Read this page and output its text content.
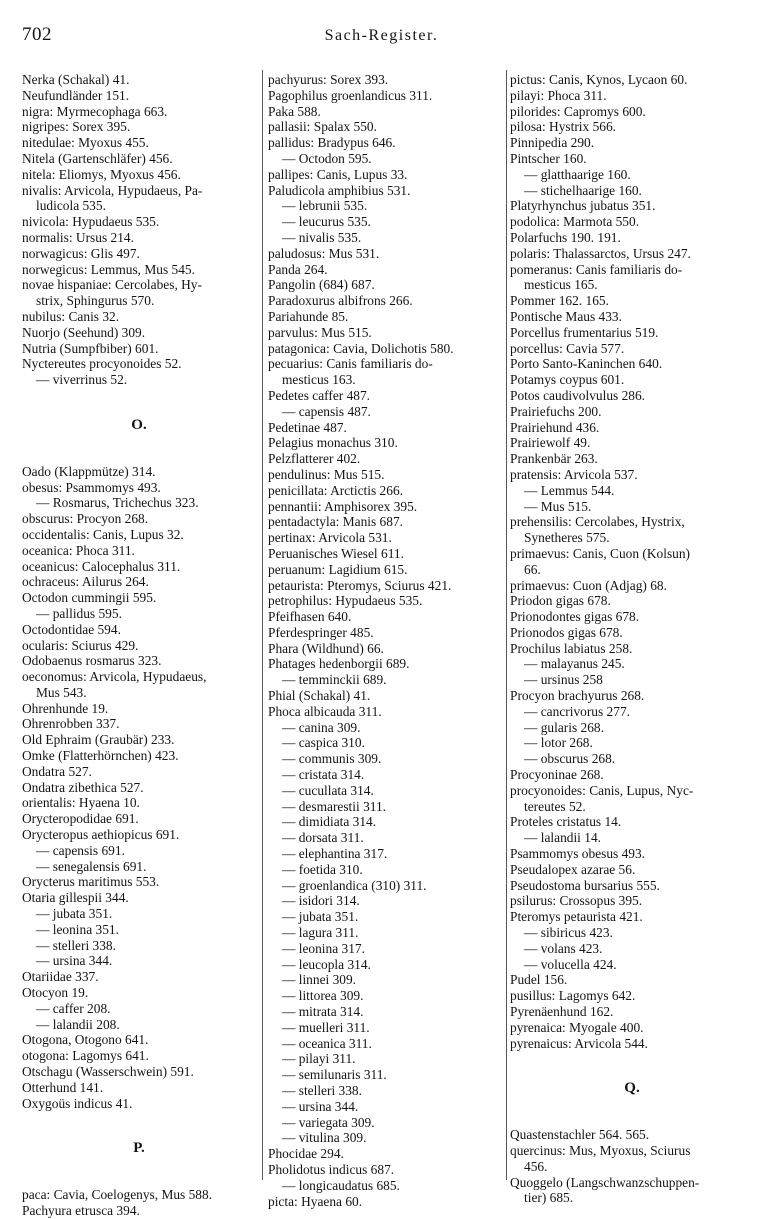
702	Sach-Register.
Nerka (Schakal) 41.
Neufundländer 151.
nigra: Myrmecophaga 663.
nigripes: Sorex 395.
nitedulae: Myoxus 455.
Nitela (Gartenschläfer) 456.
nitela: Eliomys, Myoxus 456.
nivalis: Arvicola, Hypudaeus, Pa-
ludicola 535.
nivicola: Hypudaeus 535.
normalis: Ursus 214.
norwagicus: Glis 497.
norwegicus: Lemmus, Mus 545.
novae hispaniae: Cercolabes, Hy-
strix, Sphingurus 570.
nubilus: Canis 32.
Nuorjo (Seehund) 309.
Nutria (Sumpfbiber) 601.
Nyctereutes procyonoides 52.
— viverrinus 52.
O.
Oado (Klappmütze) 314.
obesus: Psammomys 493.
— Rosmarus, Trichechus 323.
obscurus: Procyon 268.
occidentalis: Canis, Lupus 32.
oceanica: Phoca 311.
oceanicus: Calocephalus 311.
ochraceus: Ailurus 264.
Octodon cummingii 595.
— pallidus 595.
Octodontidae 594.
ocularis: Sciurus 429.
Odobaenus rosmarus 323.
oeconomus: Arvicola, Hypudaeus,
Mus 543.
Ohrenhunde 19.
Ohrenrobben 337.
Old Ephraim (Graubär) 233.
Omke (Flatterhörnchen) 423.
Ondatra 527.
Ondatra zibethica 527.
orientalis: Hyaena 10.
Orycteropodidae 691.
Orycteropus aethiopicus 691.
— capensis 691.
— senegalensis 691.
Orycterus maritimus 553.
Otaria gillespii 344.
— jubata 351.
— leonina 351.
— stelleri 338.
— ursina 344.
Otariidae 337.
Otocyon 19.
— caffer 208.
— lalandii 208.
Otogona, Otogono 641.
otogona: Lagomys 641.
Otschagu (Wasserschwein) 591.
Otterhund 141.
Oxygoüs indicus 41.
P.
paca: Cavia, Coelogenys, Mus 588.
Pachyura etrusca 394.
pachyurus: Sorex 393.
Pagophilus groenlandicus 311.
Paka 588.
pallasii: Spalax 550.
pallidus: Bradypus 646.
— Octodon 595.
pallipes: Canis, Lupus 33.
Paludicola amphibius 531.
— lebrunii 535.
— leucurus 535.
— nivalis 535.
paludosus: Mus 531.
Panda 264.
Pangolin (684) 687.
Paradoxurus albifrons 266.
Pariahunde 85.
parvulus: Mus 515.
patagonica: Cavia, Dolichotis 580.
pecuarius: Canis familiaris do-
mesticus 163.
Pedetes caffer 487.
— capensis 487.
Pedetinae 487.
Pelagius monachus 310.
Pelzflatterer 402.
pendulinus: Mus 515.
penicillata: Arctictis 266.
pennantii: Amphisorex 395.
pentadactyla: Manis 687.
pertinax: Arvicola 531.
Peruanisches Wiesel 611.
peruanum: Lagidium 615.
petaurista: Pteromys, Sciurus 421.
petrophilus: Hypudaeus 535.
Pfeifhasen 640.
Pferdespringer 485.
Phara (Wildhund) 66.
Phatages hedenborgii 689.
— temminckii 689.
Phial (Schakal) 41.
Phoca albicauda 311.
— canina 309.
— caspica 310.
— communis 309.
— cristata 314.
— cucullata 314.
— desmarestii 311.
— dimidiata 314.
— dorsata 311.
— elephantina 317.
— foetida 310.
— groenlandica (310) 311.
— isidori 314.
— jubata 351.
— lagura 311.
— leonina 317.
— leucopla 314.
— linnei 309.
— littorea 309.
— mitrata 314.
— muelleri 311.
— oceanica 311.
— pilayi 311.
— semilunaris 311.
— stelleri 338.
— ursina 344.
— variegata 309.
— vitulina 309.
Phocidae 294.
Pholidotus indicus 687.
— longicaudatus 685.
picta: Hyaena 60.
pictus: Canis, Kynos, Lycaon 60.
pilayi: Phoca 311.
pilorides: Capromys 600.
pilosa: Hystrix 566.
Pinnipedia 290.
Pintscher 160.
— glatthaarige 160.
— stichelhaarige 160.
Platyrhynchus jubatus 351.
podolica: Marmota 550.
Polarfuchs 190. 191.
polaris: Thalassarctos, Ursus 247.
pomeranus: Canis familiaris do-
mesticus 165.
Pommer 162. 165.
Pontische Maus 433.
Porcellus frumentarius 519.
porcellus: Cavia 577.
Porto Santo-Kaninchen 640.
Potamys coypus 601.
Potos caudivolvulus 286.
Prairiefuchs 200.
Prairiehund 436.
Prairiewolf 49.
Prankenbär 263.
pratensis: Arvicola 537.
— Lemmus 544.
— Mus 515.
prehensilis: Cercolabes, Hystrix,
Synetheres 575.
primaevus: Canis, Cuon (Kolsun)
66.
primaevus: Cuon (Adjag) 68.
Priodon gigas 678.
Prionodontes gigas 678.
Prionodos gigas 678.
Prochilus labiatus 258.
— malayanus 245.
— ursinus 258
Procyon brachyurus 268.
— cancrivorus 277.
— gularis 268.
— lotor 268.
— obscurus 268.
Procyoninae 268.
procyonoides: Canis, Lupus, Nyc-
tereutes 52.
Proteles cristatus 14.
— lalandii 14.
Psammomys obesus 493.
Pseudalopex azarae 56.
Pseudostoma bursarius 555.
psilurus: Crossopus 395.
Pteromys petaurista 421.
— sibiricus 423.
— volans 423.
— volucella 424.
Pudel 156.
pusillus: Lagomys 642.
Pyrenäenhund 162.
pyrenaica: Myogale 400.
pyrenaicus: Arvicola 544.
Q.
Quastenstachler 564. 565.
quercinus: Mus, Myoxus, Sciurus
456.
Quoggelo (Langschwanzschuppen-
tier) 685.
